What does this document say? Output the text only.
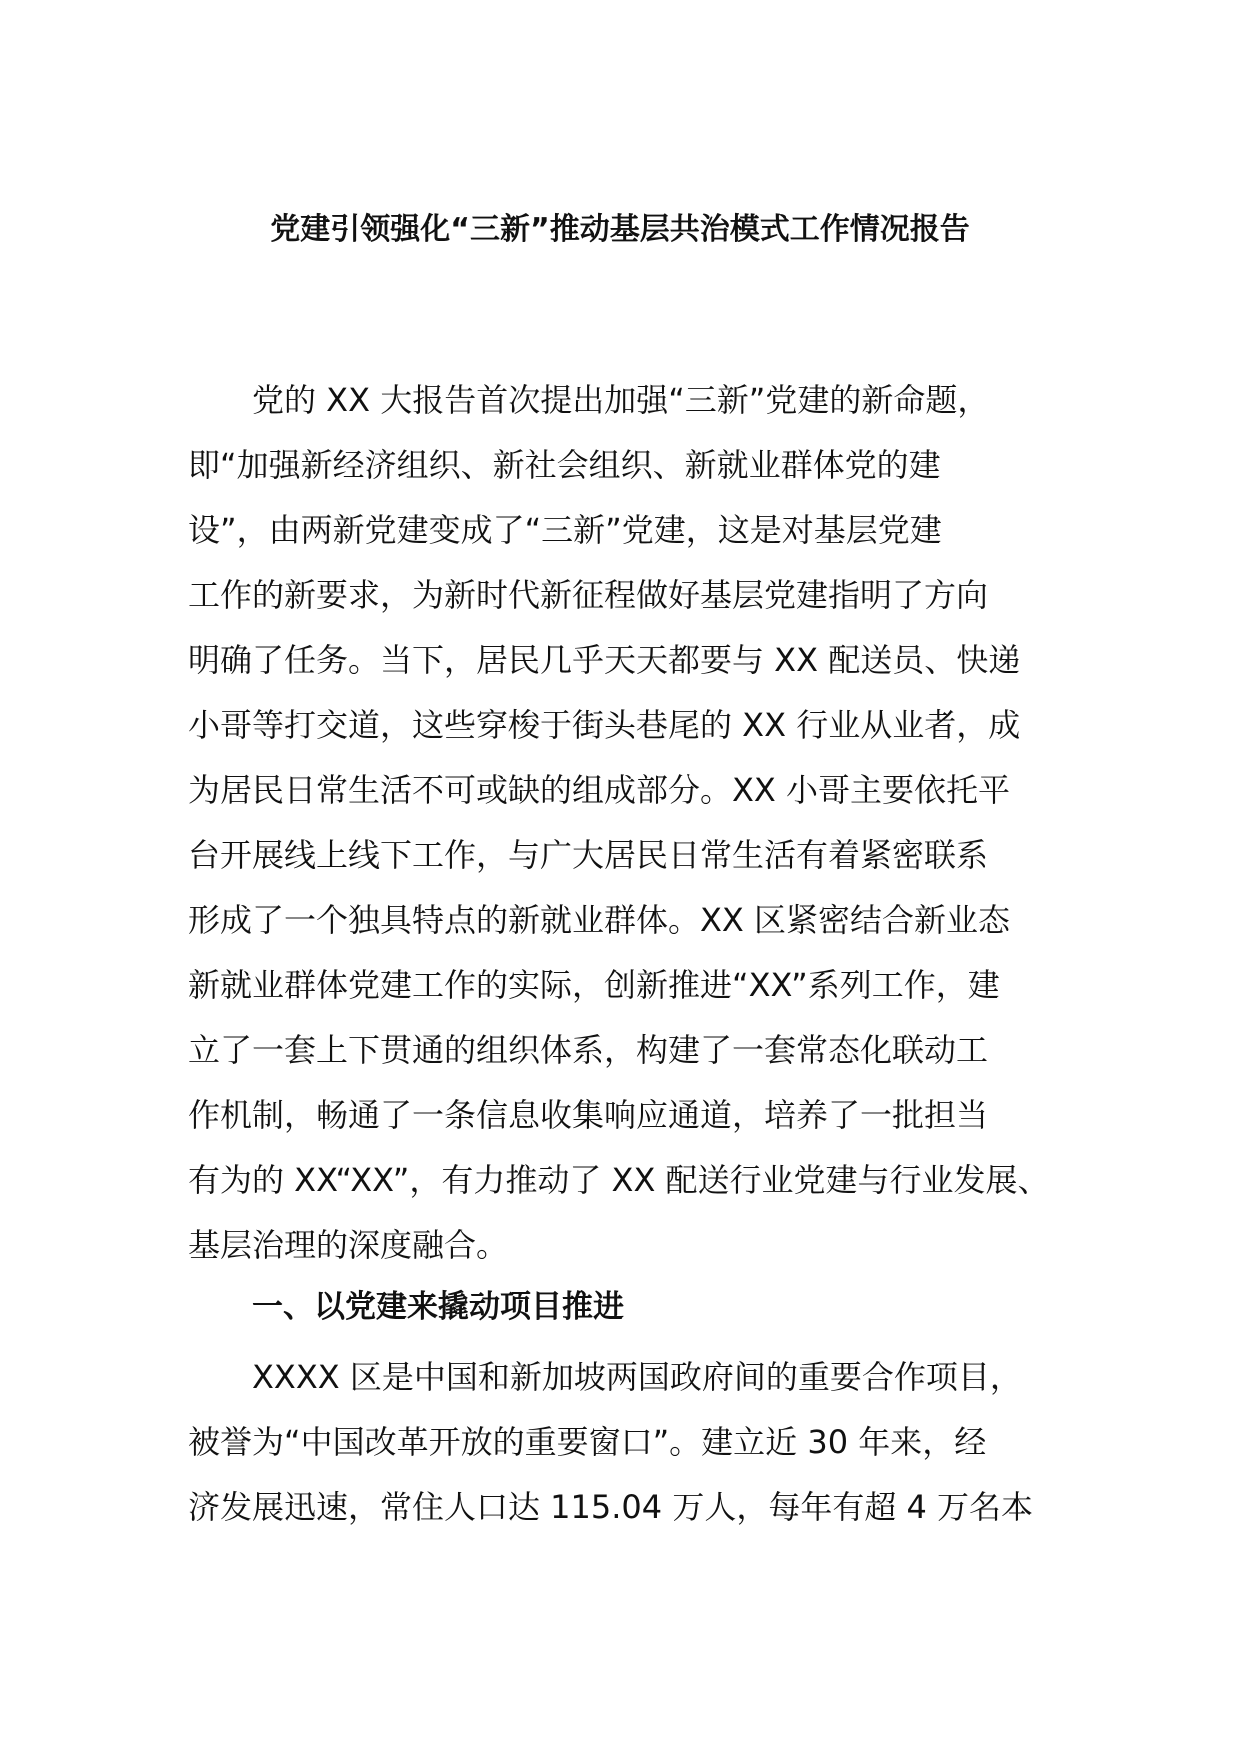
党建引领强化“三新”推动基层共治模式工作情况报告
党的 XX 大报告首次提出加强“三新”党建的新命题，
即“加强新经济组织、新社会组织、新就业群体党的建
设”，由两新党建变成了“三新”党建，这是对基层党建
工作的新要求，为新时代新征程做好基层党建指明了方向
明确了任务。当下，居民几乎天天都要与 XX 配送员、快递
小哥等打交道，这些穿梭于街头巷尾的 XX 行业从业者，成
为居民日常生活不可或缺的组成部分。XX 小哥主要依托平
台开展线上线下工作，与广大居民日常生活有着紧密联系
形成了一个独具特点的新就业群体。XX 区紧密结合新业态
新就业群体党建工作的实际，创新推进“XX”系列工作，建
立了一套上下贯通的组织体系，构建了一套常态化联动工
作机制，畅通了一条信息收集响应通道，培养了一批担当
有为的 XX“XX”，有力推动了 XX 配送行业党建与行业发展、
基层治理的深度融合。
一、以党建来撬动项目推进
XXXX 区是中国和新加坡两国政府间的重要合作项目，
被誉为“中国改革开放的重要窗口”。建立近 30 年来，经
济发展迅速，常住人口达 115.04 万人，每年有超 4 万名本
